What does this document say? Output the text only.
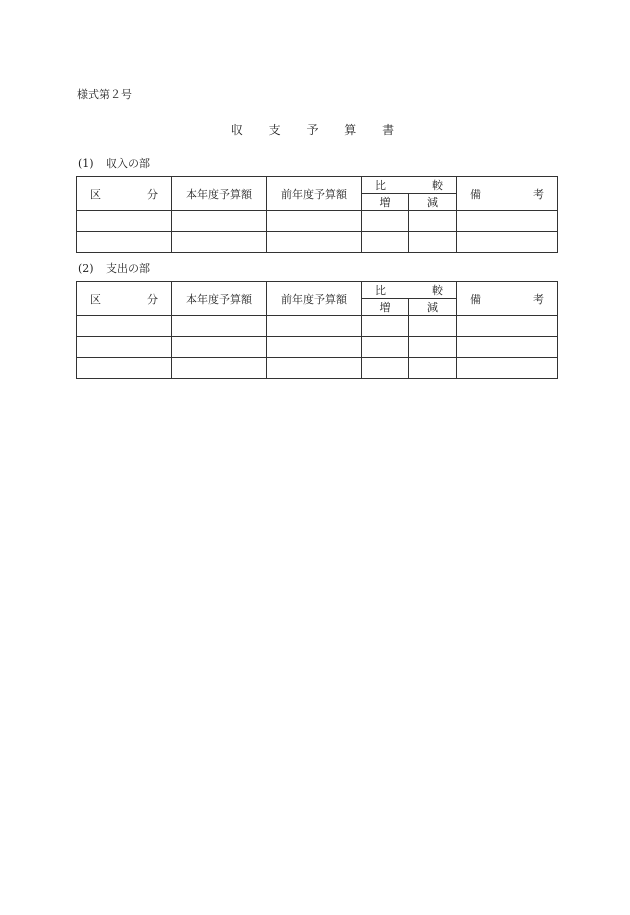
様式第２号
収 支 予 算 書
(1) 収入の部
区 分	本年度予算額	前年度予算額	比 較		備 考

			増	減	

(2) 支出の部
区 分	本年度予算額	前年度予算額	比 較		備 考

			増	減	
